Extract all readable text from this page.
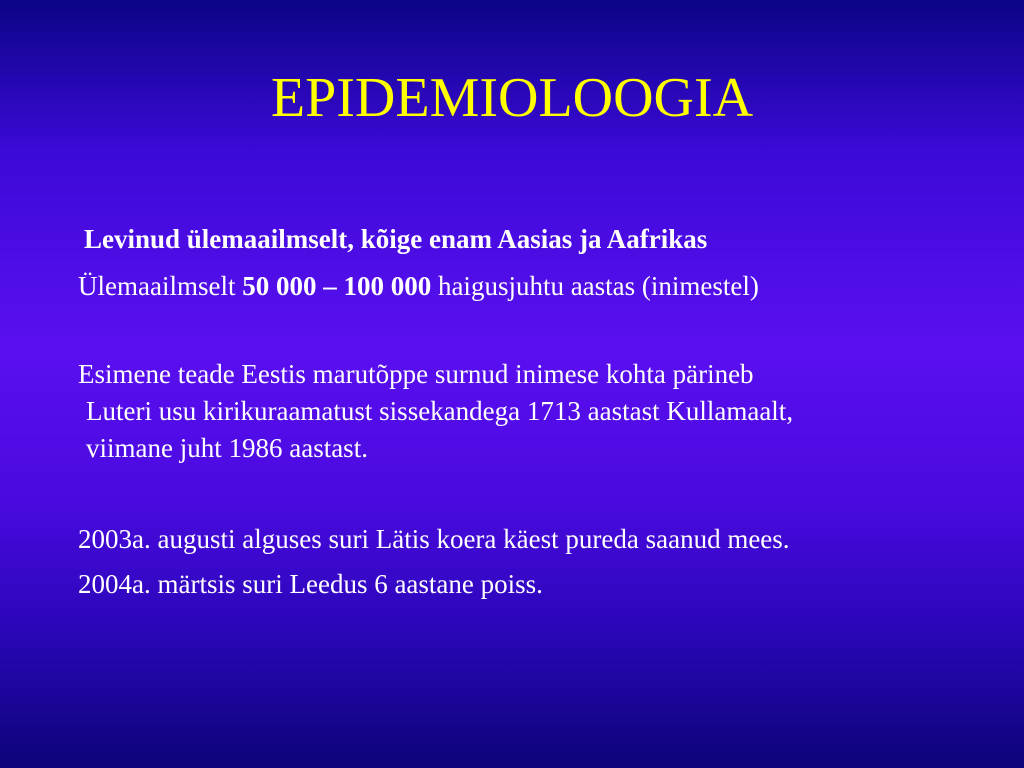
EPIDEMIOLOOGIA

Levinud ülemaailmselt, kõige enam Aasias ja Aafrikas

Ülemaailmselt 50 000 – 100 000 haigusjuhtu aastas (inimestel)

Esimene teade Eestis marutõppe surnud inimese kohta pärineb
Luteri usu kirikuraamatust sissekandega 1713 aastast Kullamaalt,
viimane juht 1986 aastast.

2003a. augusti alguses suri Lätis koera käest pureda saanud mees.

2004a. märtsis suri Leedus 6 aastane poiss.
